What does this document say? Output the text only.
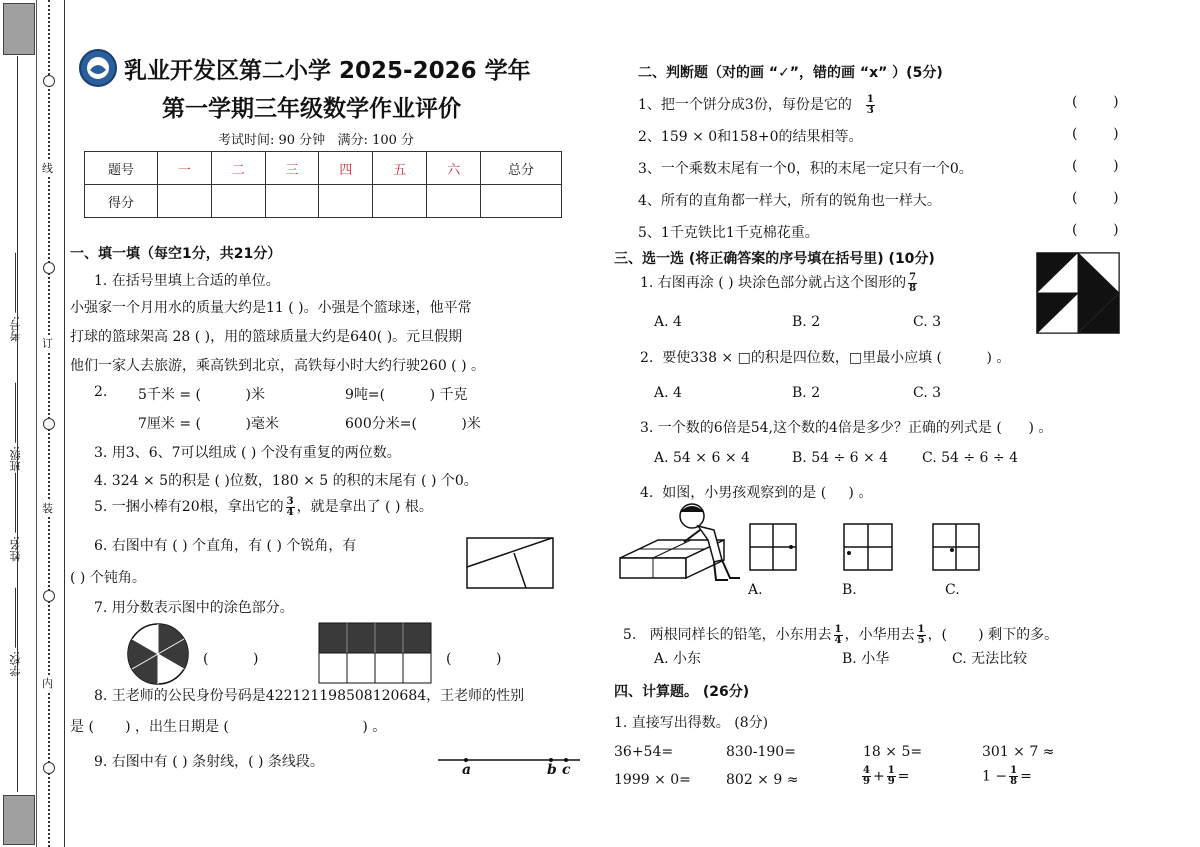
线
订
装
内
学校:
姓名:
班级:
考号:
乳业开发区第二小学 2025-2026 学年
第一学期三年级数学作业评价
考试时间: 90 分钟   满分: 100 分
题号	一	二	三	四	五	六	总分
得分							
一、填一填（每空1分，共21分）
1. 在括号里填上合适的单位。
小强家一个月用水的质量大约是11 ( )。小强是个篮球迷，他平常
打球的篮球架高 28 ( )，用的篮球质量大约是640( )。元旦假期
他们一家人去旅游，乘高铁到北京，高铁每小时大约行驶260 ( ) 。
2. 5千米 = (          )米	9吨=(          ) 千克
7厘米 = (          )毫米	600分米=(          )米
3. 用3、6、7可以组成 ( ) 个没有重复的两位数。
4. 324 × 5的积是 ( )位数，180 × 5 的积的末尾有 ( ) 个0。
5. 一捆小棒有20根，拿出它的 $\frac{3}{4}$ ，就是拿出了 ( ) 根。
6. 右图中有 ( ) 个直角，有 ( ) 个锐角，有
( ) 个钝角。
7. 用分数表示图中的涂色部分。
(          )	(          )
8. 王老师的公民身份号码是422121198508120684，王老师的性别
是 (       ) ，出生日期是 (                              ) 。
9. 右图中有 ( ) 条射线，( ) 条线段。	a	b c
二、判断题（对的画 “✓”，错的画 “x” ）(5分)
1、把一个饼分成3份，每份是它的 $\frac{1}{3}$	(        )
2、159 × 0和158+0的结果相等。	(        )
3、一个乘数末尾有一个0，积的末尾一定只有一个0。	(        )
4、所有的直角都一样大，所有的锐角也一样大。	(        )
5、1千克铁比1千克棉花重。	(        )
三、选一选 (将正确答案的序号填在括号里) (10分)
1. 右图再涂 ( ) 块涂色部分就占这个图形的 $\frac{7}{8}$
A. 4	B. 2	C. 3
2.  要使338 × □的积是四位数，□里最小应填 (          ) 。
A. 4	B. 2	C. 3
3. 一个数的6倍是54,这个数的4倍是多少？正确的列式是 (      ) 。
A. 54 × 6 × 4	B. 54 ÷ 6 × 4 C. 54 ÷ 6 ÷ 4
4.  如图，小男孩观察到的是 (     ) 。
A.	B.	C.

5.   两根同样长的铅笔，小东用去 $\frac{1}{4}$ ，小华用去 $\frac{1}{5}$ ，(       ) 剩下的多。

A. 小东	B. 小华	C. 无法比较
四、计算题。 (26分)
1. 直接写出得数。 (8分)
36+54=	830-190=	18 × 5=	301 × 7 ≈
1999 × 0=	802 × 9 ≈	$\frac{4}{9} + \frac{1}{9}$ =	$1 - \frac{1}{8}$ =
